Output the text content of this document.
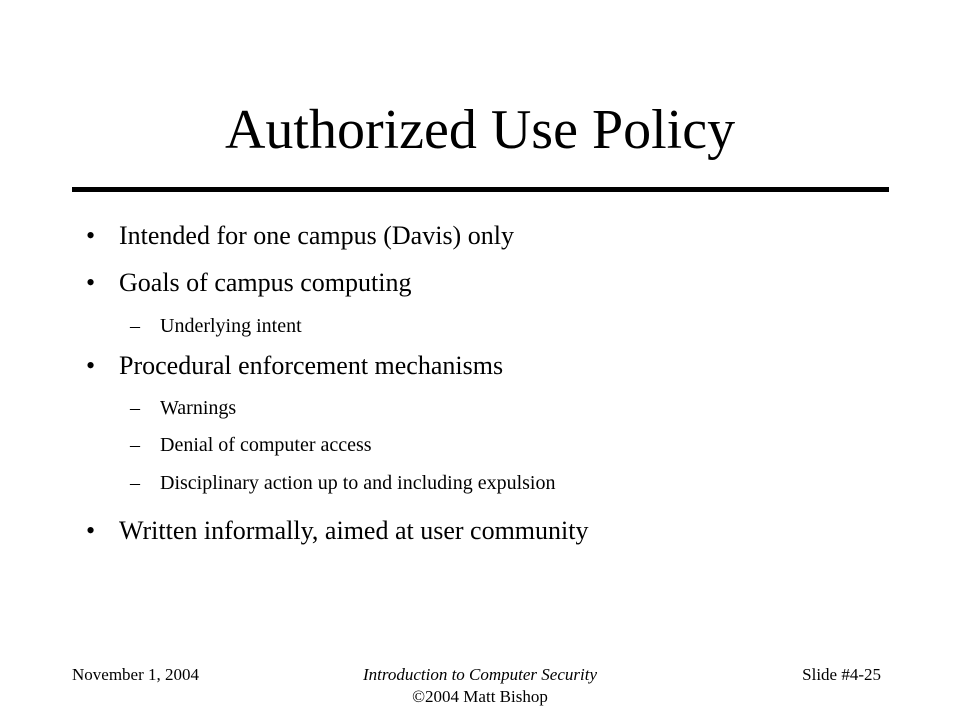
Authorized Use Policy
• Intended for one campus (Davis) only
• Goals of campus computing
– Underlying intent
• Procedural enforcement mechanisms
– Warnings
– Denial of computer access
– Disciplinary action up to and including expulsion
• Written informally, aimed at user community
November 1, 2004	Introduction to Computer Security
©2004 Matt Bishop
Slide #4-25
